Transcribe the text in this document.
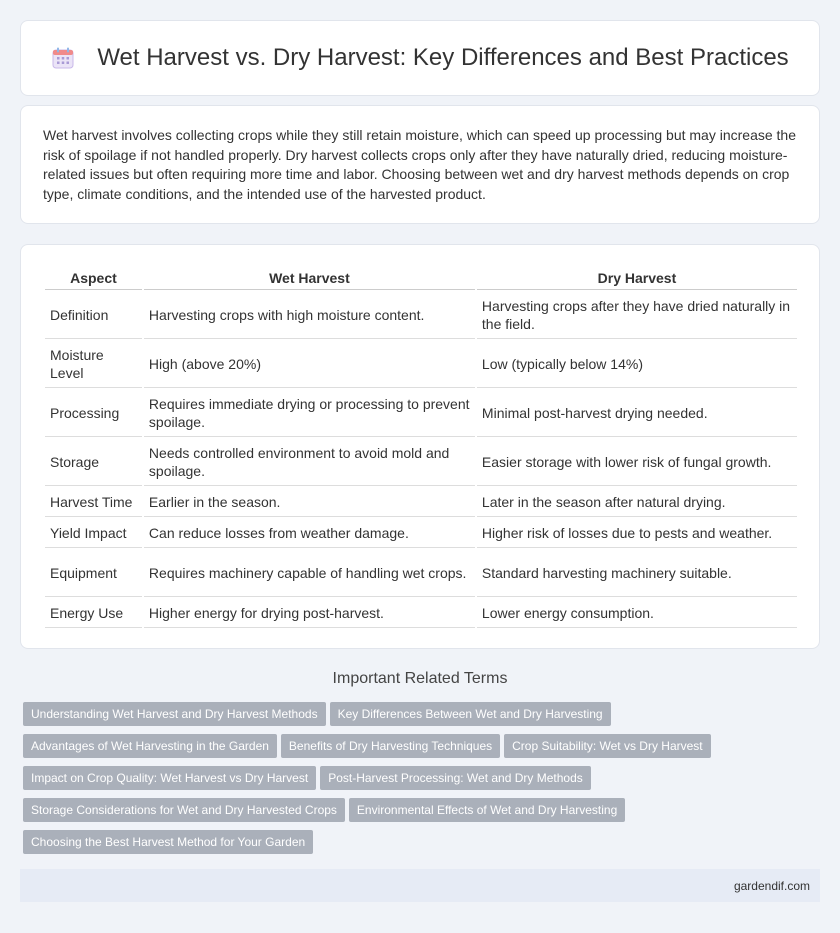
Wet Harvest vs. Dry Harvest: Key Differences and Best Practices

Wet harvest involves collecting crops while they still retain moisture, which can speed up processing but may increase the risk of spoilage if not handled properly. Dry harvest collects crops only after they have naturally dried, reducing moisture-related issues but often requiring more time and labor. Choosing between wet and dry harvest methods depends on crop type, climate conditions, and the intended use of the harvested product.

Aspect	Wet Harvest	Dry Harvest
Definition	Harvesting crops with high moisture content.	Harvesting crops after they have dried naturally in the field.
Moisture Level	High (above 20%)	Low (typically below 14%)
Processing	Requires immediate drying or processing to prevent spoilage.	Minimal post-harvest drying needed.
Storage	Needs controlled environment to avoid mold and spoilage.	Easier storage with lower risk of fungal growth.
Harvest Time	Earlier in the season.	Later in the season after natural drying.
Yield Impact	Can reduce losses from weather damage.	Higher risk of losses due to pests and weather.
Equipment	Requires machinery capable of handling wet crops.	Standard harvesting machinery suitable.
Energy Use	Higher energy for drying post-harvest.	Lower energy consumption.
Important Related Terms
Understanding Wet Harvest and Dry Harvest Methods Key Differences Between Wet and Dry HarvestingAdvantages of Wet Harvesting in the Garden Benefits of Dry Harvesting Techniques Crop Suitability: Wet vs Dry HarvestImpact on Crop Quality: Wet Harvest vs Dry Harvest Post-Harvest Processing: Wet and Dry MethodsStorage Considerations for Wet and Dry Harvested Crops Environmental Effects of Wet and Dry HarvestingChoosing the Best Harvest Method for Your Garden
gardendif.com
